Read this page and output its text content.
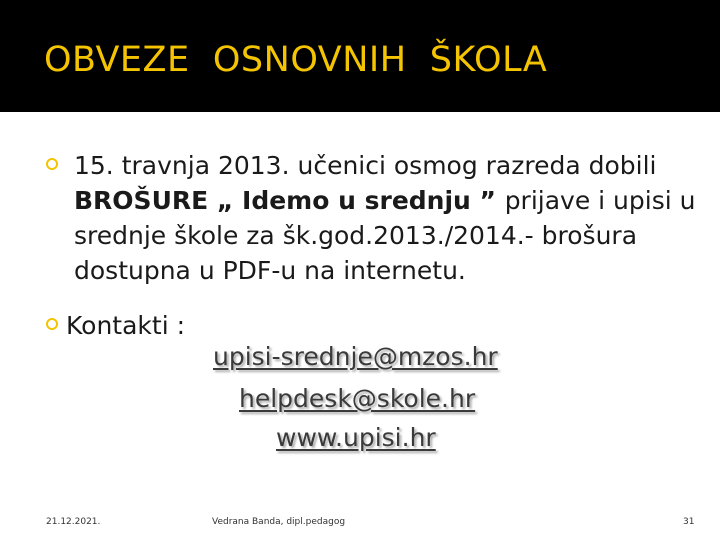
OBVEZE  OSNOVNIH  ŠKOLA
15. travnja 2013. učenici osmog razreda dobili
BROŠURE „ Idemo u srednju ” prijave i upisi u
srednje škole za šk.god.2013./2014.- brošura
dostupna u PDF-u na internetu.
Kontakti :
upisi-srednje@mzos.hr
helpdesk@skole.hr
www.upisi.hr
21.12.2021.	Vedrana Banda, dipl.pedagog	31
